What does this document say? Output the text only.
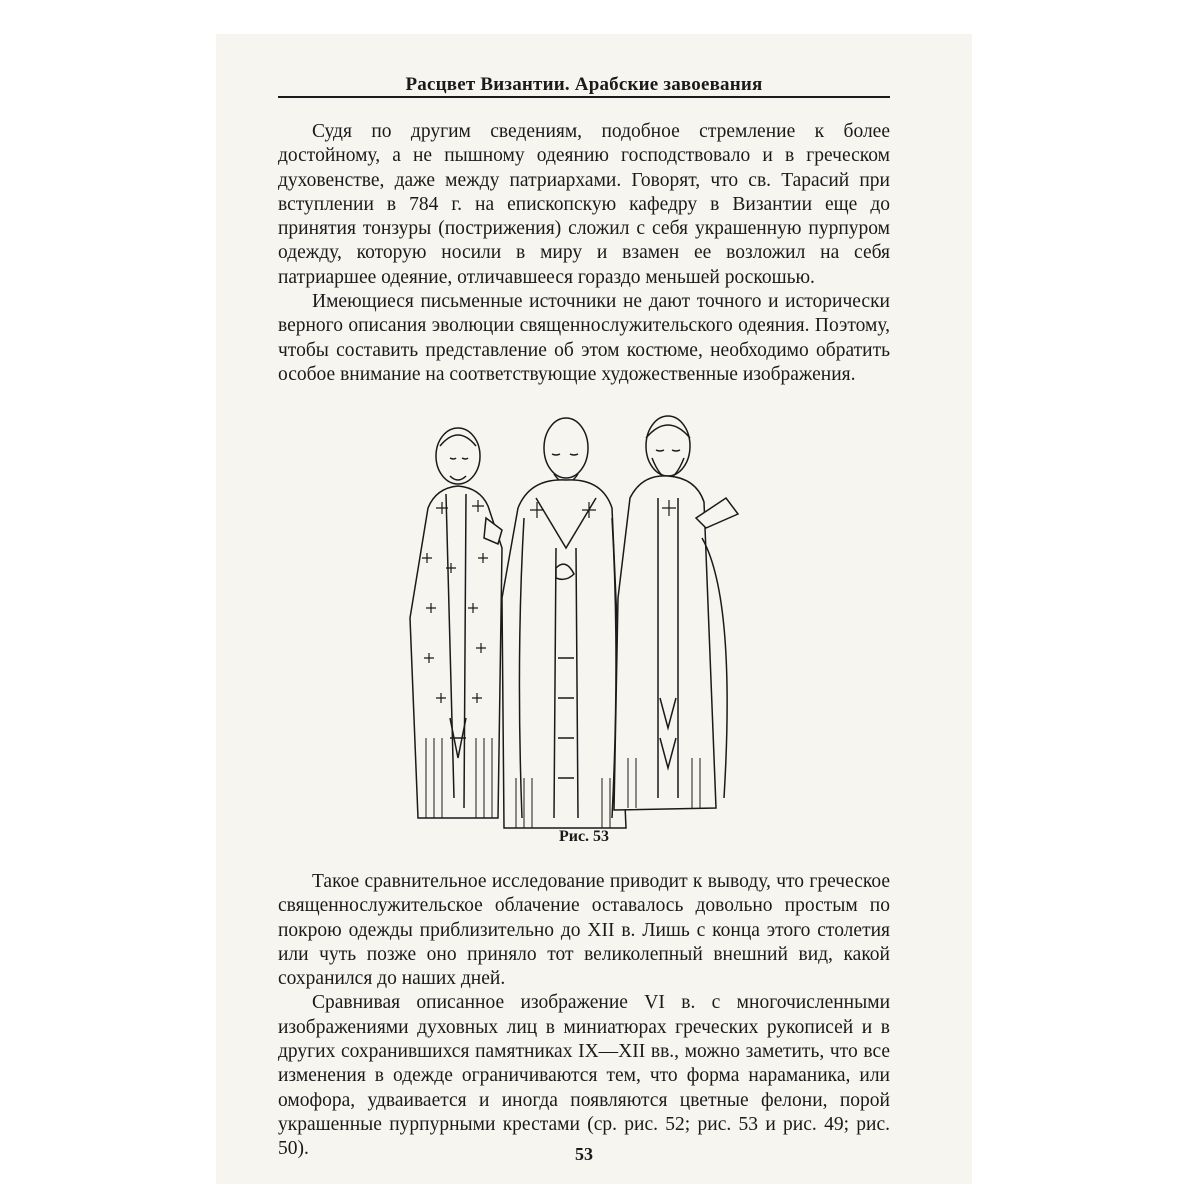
Расцвет Византии. Арабские завоевания

Судя по другим сведениям, подобное стремление к более достойному, а не пышному одеянию господствовало и в греческом духовенстве, даже между патриархами. Говорят, что св. Тарасий при вступлении в 784 г. на епископскую кафедру в Византии еще до принятия тонзуры (пострижения) сложил с себя украшенную пурпуром одежду, которую носили в миру и взамен ее возложил на себя патриаршее одеяние, отличавшееся гораздо меньшей роскошью.

Имеющиеся письменные источники не дают точного и исторически верного описания эволюции священнослужительского одеяния. Поэтому, чтобы составить представление об этом костюме, необходимо обратить особое внимание на соответствующие художественные изображения.

Рис. 53

Такое сравнительное исследование приводит к выводу, что греческое священнослужительское облачение оставалось довольно простым по покрою одежды приблизительно до XII в. Лишь с конца этого столетия или чуть позже оно приняло тот великолепный внешний вид, какой сохранился до наших дней.

Сравнивая описанное изображение VI в. с многочисленными изображениями духовных лиц в миниатюрах греческих рукописей и в других сохранившихся памятниках IX—XII вв., можно заметить, что все изменения в одежде ограничиваются тем, что форма нараманика, или омофора, удваивается и иногда появляются цветные фелони, порой украшенные пурпурными крестами (ср. рис. 52; рис. 53 и рис. 49; рис. 50).	53
